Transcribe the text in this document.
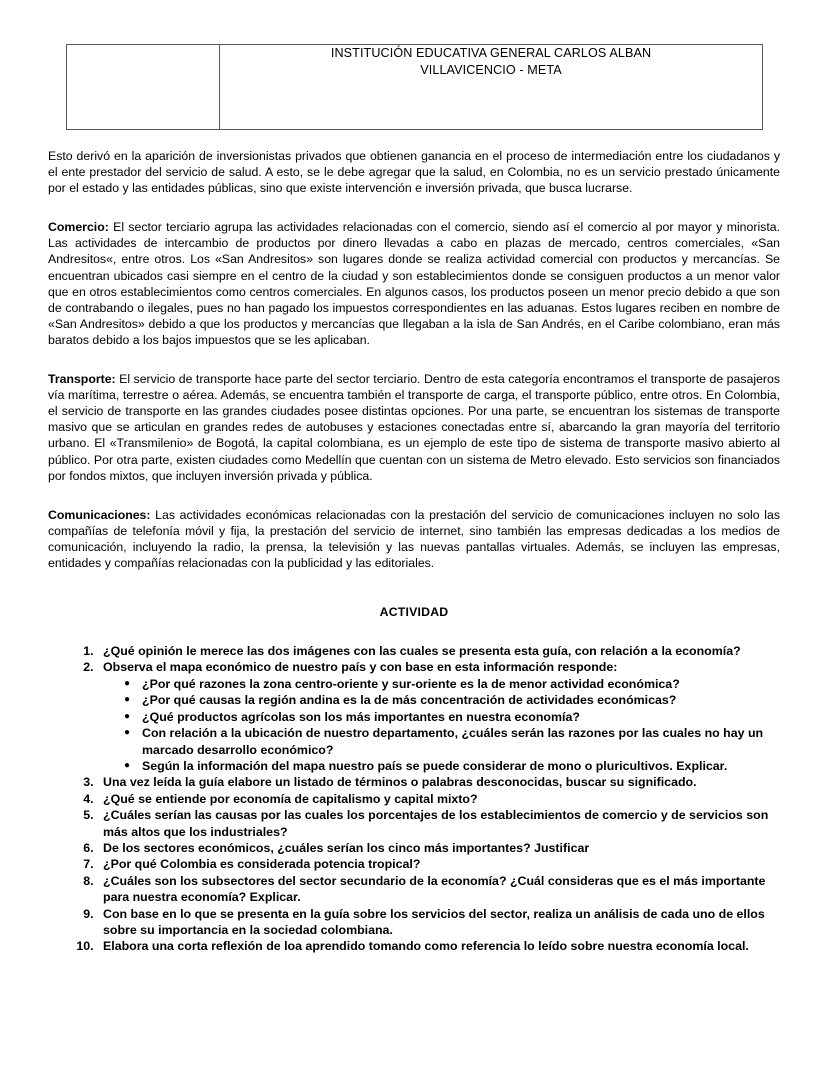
INSTITUCIÓN EDUCATIVA GENERAL CARLOS ALBAN
VILLAVICENCIO - META

Esto derivó en la aparición de inversionistas privados que obtienen ganancia en el proceso de intermediación entre los ciudadanos y el ente prestador del servicio de salud. A esto, se le debe agregar que la salud, en Colombia, no es un servicio prestado únicamente por el estado y las entidades públicas, sino que existe intervención e inversión privada, que busca lucrarse.

Comercio: El sector terciario agrupa las actividades relacionadas con el comercio, siendo así el comercio al por mayor y minorista. Las actividades de intercambio de productos por dinero llevadas a cabo en plazas de mercado, centros comerciales, «San Andresitos«, entre otros. Los «San Andresitos» son lugares donde se realiza actividad comercial con productos y mercancías. Se encuentran ubicados casi siempre en el centro de la ciudad y son establecimientos donde se consiguen productos a un menor valor que en otros establecimientos como centros comerciales. En algunos casos, los productos poseen un menor precio debido a que son de contrabando o ilegales, pues no han pagado los impuestos correspondientes en las aduanas. Estos lugares reciben en nombre de «San Andresitos» debido a que los productos y mercancías que llegaban a la isla de San Andrés, en el Caribe colombiano, eran más baratos debido a los bajos impuestos que se les aplicaban.

Transporte: El servicio de transporte hace parte del sector terciario. Dentro de esta categoría encontramos el transporte de pasajeros vía marítima, terrestre o aérea. Además, se encuentra también el transporte de carga, el transporte público, entre otros. En Colombia, el servicio de transporte en las grandes ciudades posee distintas opciones. Por una parte, se encuentran los sistemas de transporte masivo que se articulan en grandes redes de autobuses y estaciones conectadas entre sí, abarcando la gran mayoría del territorio urbano. El «Transmilenio» de Bogotá, la capital colombiana, es un ejemplo de este tipo de sistema de transporte masivo abierto al público. Por otra parte, existen ciudades como Medellín que cuentan con un sistema de Metro elevado. Esto servicios son financiados por fondos mixtos, que incluyen inversión privada y pública.

Comunicaciones: Las actividades económicas relacionadas con la prestación del servicio de comunicaciones incluyen no solo las compañías de telefonía móvil y fija, la prestación del servicio de internet, sino también las empresas dedicadas a los medios de comunicación, incluyendo la radio, la prensa, la televisión y las nuevas pantallas virtuales. Además, se incluyen las empresas, entidades y compañías relacionadas con la publicidad y las editoriales.

ACTIVIDAD
1. ¿Qué opinión le merece las dos imágenes con las cuales se presenta esta guía, con relación a la economía?
2. Observa el mapa económico de nuestro país y con base en esta información responde:
● ¿Por qué razones la zona centro-oriente y sur-oriente es la de menor actividad económica?
● ¿Por qué causas la región andina es la de más concentración de actividades económicas?
● ¿Qué productos agrícolas son los más importantes en nuestra economía?
● Con relación a la ubicación de nuestro departamento, ¿cuáles serán las razones por las cuales no hay un marcado desarrollo económico?
● Según la información del mapa nuestro país se puede considerar de mono o pluricultivos. Explicar.
3. Una vez leída la guía elabore un listado de términos o palabras desconocidas, buscar su significado.
4. ¿Qué se entiende por economía de capitalismo y capital mixto?
5. ¿Cuáles serían las causas por las cuales los porcentajes de los establecimientos de comercio y de servicios son más altos que los industriales?
6. De los sectores económicos, ¿cuáles serían los cinco más importantes? Justificar
7. ¿Por qué Colombia es considerada potencia tropical?
8. ¿Cuáles son los subsectores del sector secundario de la economía? ¿Cuál consideras que es el más importante para nuestra economía? Explicar.
9. Con base en lo que se presenta en la guía sobre los servicios del sector, realiza un análisis de cada uno de ellos sobre su importancia en la sociedad colombiana.
10. Elabora una corta reflexión de loa aprendido tomando como referencia lo leído sobre nuestra economía local.
